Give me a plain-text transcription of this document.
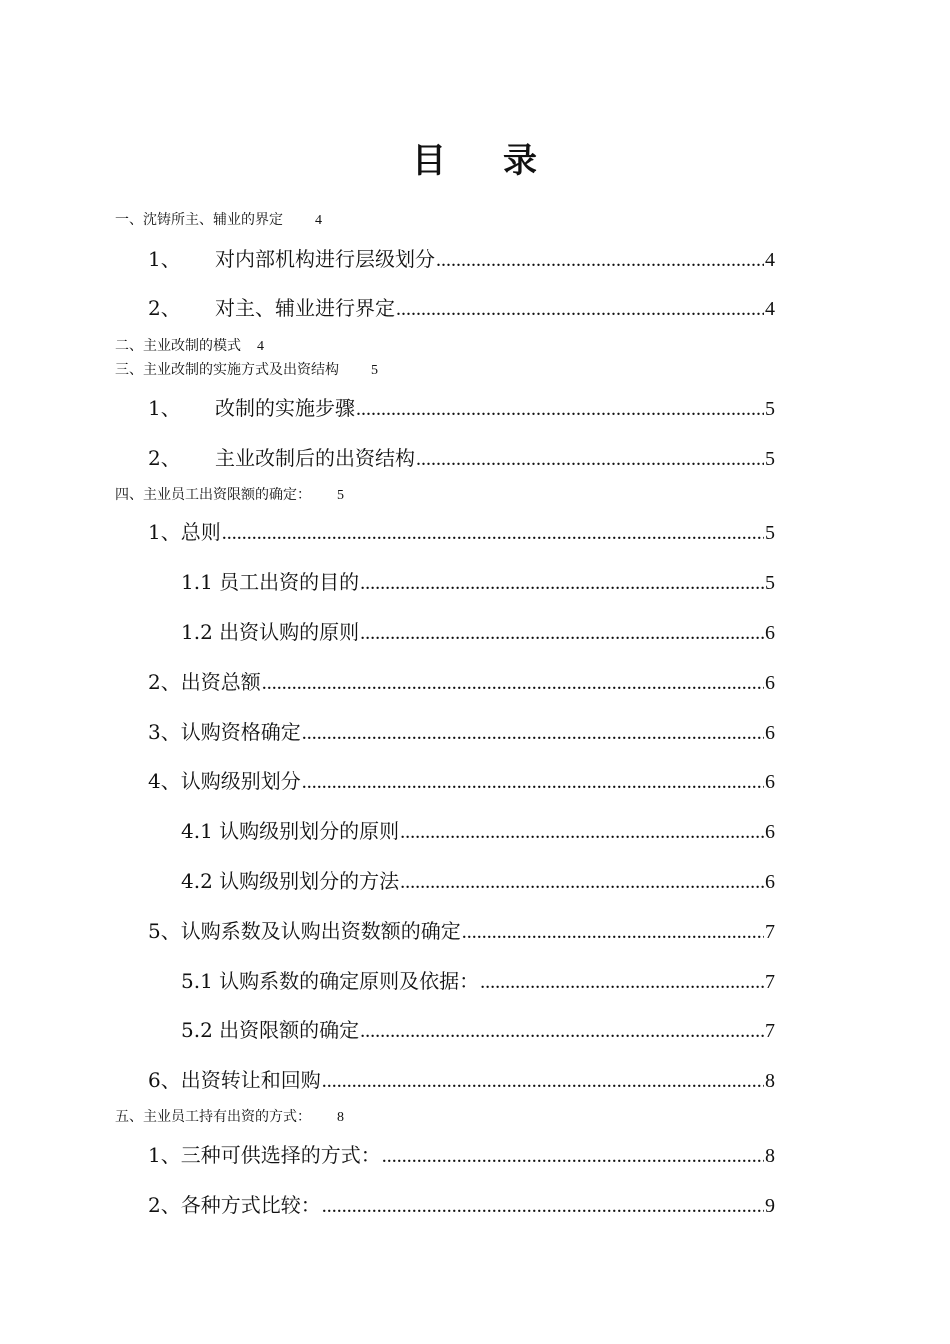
目 录
一、沈铸所主、辅业的界定 4
1、	对内部机构进行层级划分 .....	4
2、	对主、辅业进行界定 .....	4
二、主业改制的模式 4
三、主业改制的实施方式及出资结构 5
1、	改制的实施步骤 .....	5
2、	主业改制后的出资结构 .....	5
四、主业员工出资限额的确定： 5
1、总则 .....	5
1.1 员工出资的目的 .....	5
1.2 出资认购的原则 .....	6
2、出资总额 .....	6
3、认购资格确定 .....	6
4、认购级别划分 .....	6
4.1 认购级别划分的原则 .....	6
4.2 认购级别划分的方法 .....	6
5、认购系数及认购出资数额的确定 .....	7
5.1 认购系数的确定原则及依据： .....	7
5.2 出资限额的确定 .....	7
6、出资转让和回购 .....	8
五、主业员工持有出资的方式： 8
1、三种可供选择的方式： .....	8
2、各种方式比较： .....	9
